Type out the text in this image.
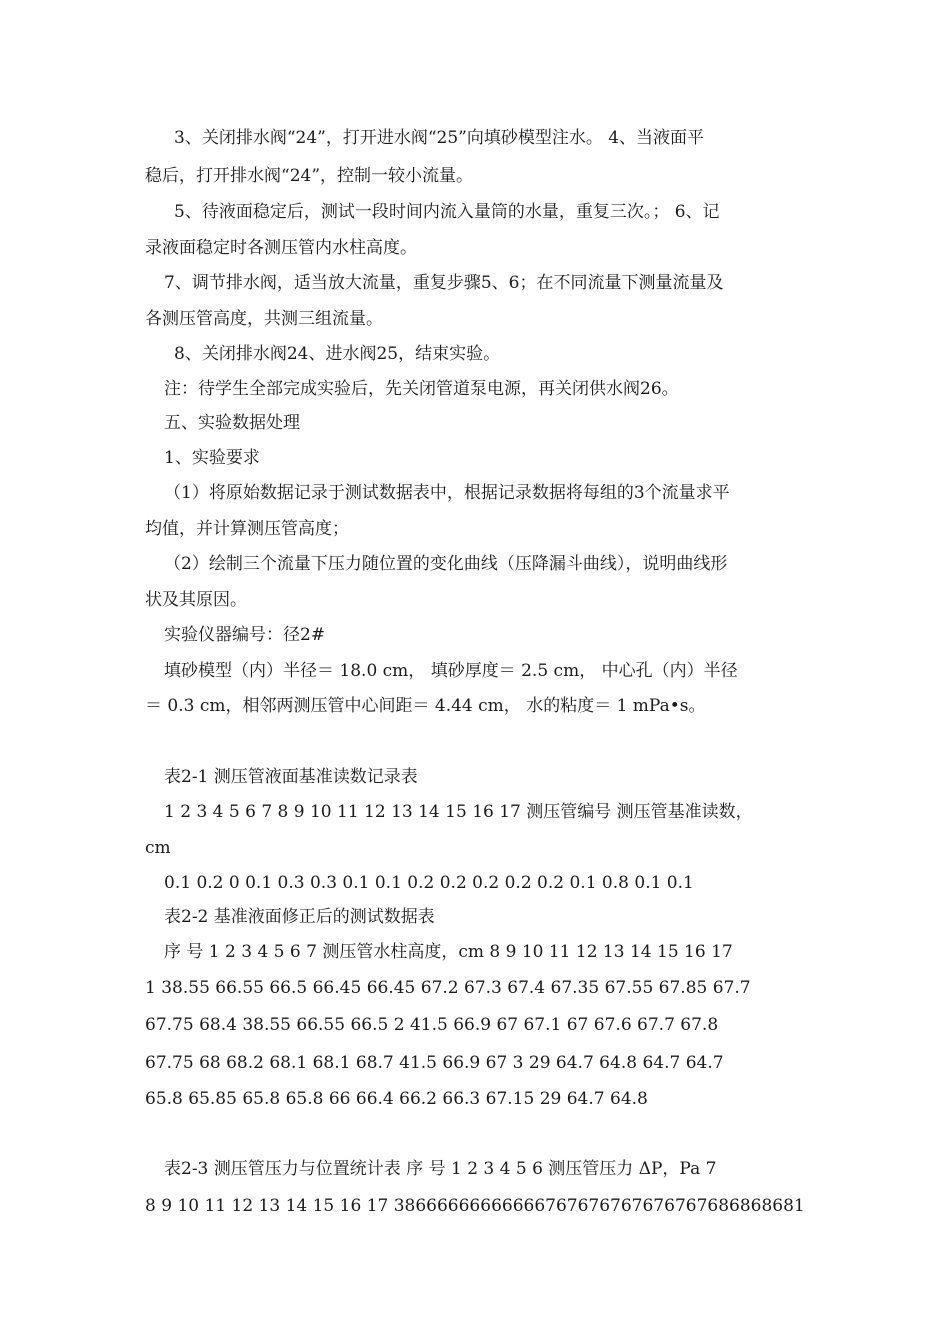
3、关闭排水阀“24”，打开进水阀“25”向填砂模型注水。 4、当液面平
稳后，打开排水阀“24”，控制一较小流量。
5、待液面稳定后，测试一段时间内流入量筒的水量，重复三次。； 6、记
录液面稳定时各测压管内水柱高度。
7、调节排水阀，适当放大流量，重复步骤5、6；在不同流量下测量流量及
各测压管高度，共测三组流量。
8、关闭排水阀24、进水阀25，结束实验。
注：待学生全部完成实验后，先关闭管道泵电源，再关闭供水阀26。
五、实验数据处理
1、实验要求
（1）将原始数据记录于测试数据表中，根据记录数据将每组的3个流量求平
均值，并计算测压管高度；
（2）绘制三个流量下压力随位置的变化曲线（压降漏斗曲线），说明曲线形
状及其原因。
实验仪器编号：径2#
填砂模型（内）半径＝ 18.0 cm， 填砂厚度＝ 2.5 cm， 中心孔（内）半径
＝ 0.3 cm，相邻两测压管中心间距＝ 4.44 cm， 水的粘度＝ 1 mPa•s。
表2-1 测压管液面基准读数记录表
1 2 3 4 5 6 7 8 9 10 11 12 13 14 15 16 17 测压管编号 测压管基准读数，
cm
0.1 0.2 0 0.1 0.3 0.3 0.1 0.1 0.2 0.2 0.2 0.2 0.2 0.1 0.8 0.1 0.1
表2-2 基准液面修正后的测试数据表
序 号 1 2 3 4 5 6 7 测压管水柱高度，cm 8 9 10 11 12 13 14 15 16 17
1 38.55 66.55 66.5 66.45 66.45 67.2 67.3 67.4 67.35 67.55 67.85 67.7
67.75 68.4 38.55 66.55 66.5 2 41.5 66.9 67 67.1 67 67.6 67.7 67.8
67.75 68 68.2 68.1 68.1 68.7 41.5 66.9 67 3 29 64.7 64.8 64.7 64.7
65.8 65.85 65.8 65.8 66 66.4 66.2 66.3 67.15 29 64.7 64.8
表2-3 测压管压力与位置统计表 序 号 1 2 3 4 5 6 测压管压力 ΔP，Pa 7
8 9 10 11 12 13 14 15 16 17 38666666666666767676767676767686868681
